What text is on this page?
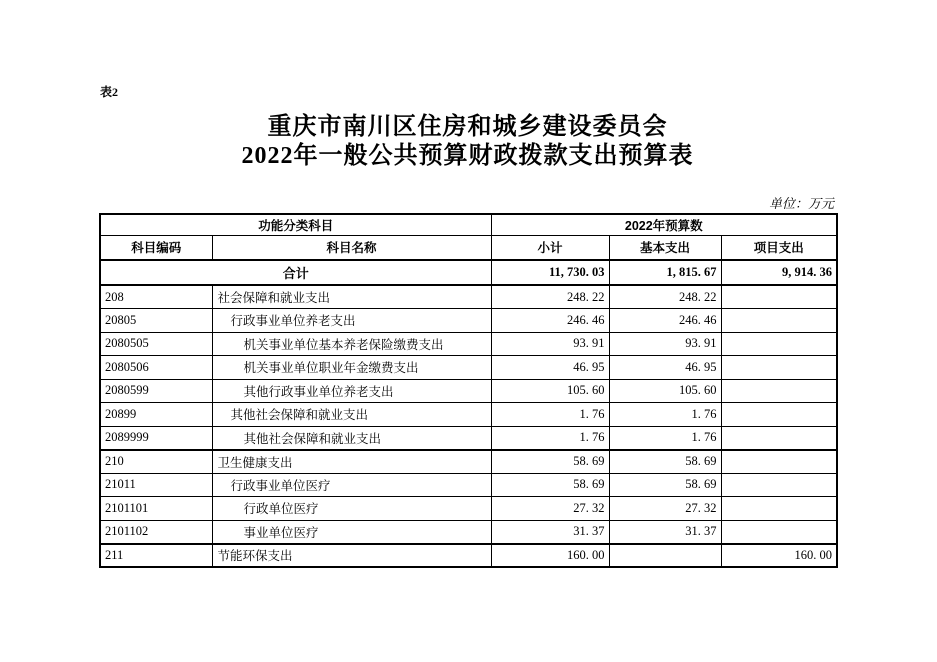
表2
重庆市南川区住房和城乡建设委员会
2022年一般公共预算财政拨款支出预算表
单位：万元
功能分类科目		2022年预算数		
科目编码	科目名称	小计	基本支出	项目支出
合计		11, 730. 03	1, 815. 67	9, 914. 36
208	社会保障和就业支出	248. 22	248. 22	
20805	行政事业单位养老支出	246. 46	246. 46	
2080505	机关事业单位基本养老保险缴费支出	93. 91	93. 91	
2080506	机关事业单位职业年金缴费支出	46. 95	46. 95	
2080599	其他行政事业单位养老支出	105. 60	105. 60	
20899	其他社会保障和就业支出	1. 76	1. 76	
2089999	其他社会保障和就业支出	1. 76	1. 76	
210	卫生健康支出	58. 69	58. 69	
21011	行政事业单位医疗	58. 69	58. 69	
2101101	行政单位医疗	27. 32	27. 32	
2101102	事业单位医疗	31. 37	31. 37	
211	节能环保支出	160. 00		160. 00
